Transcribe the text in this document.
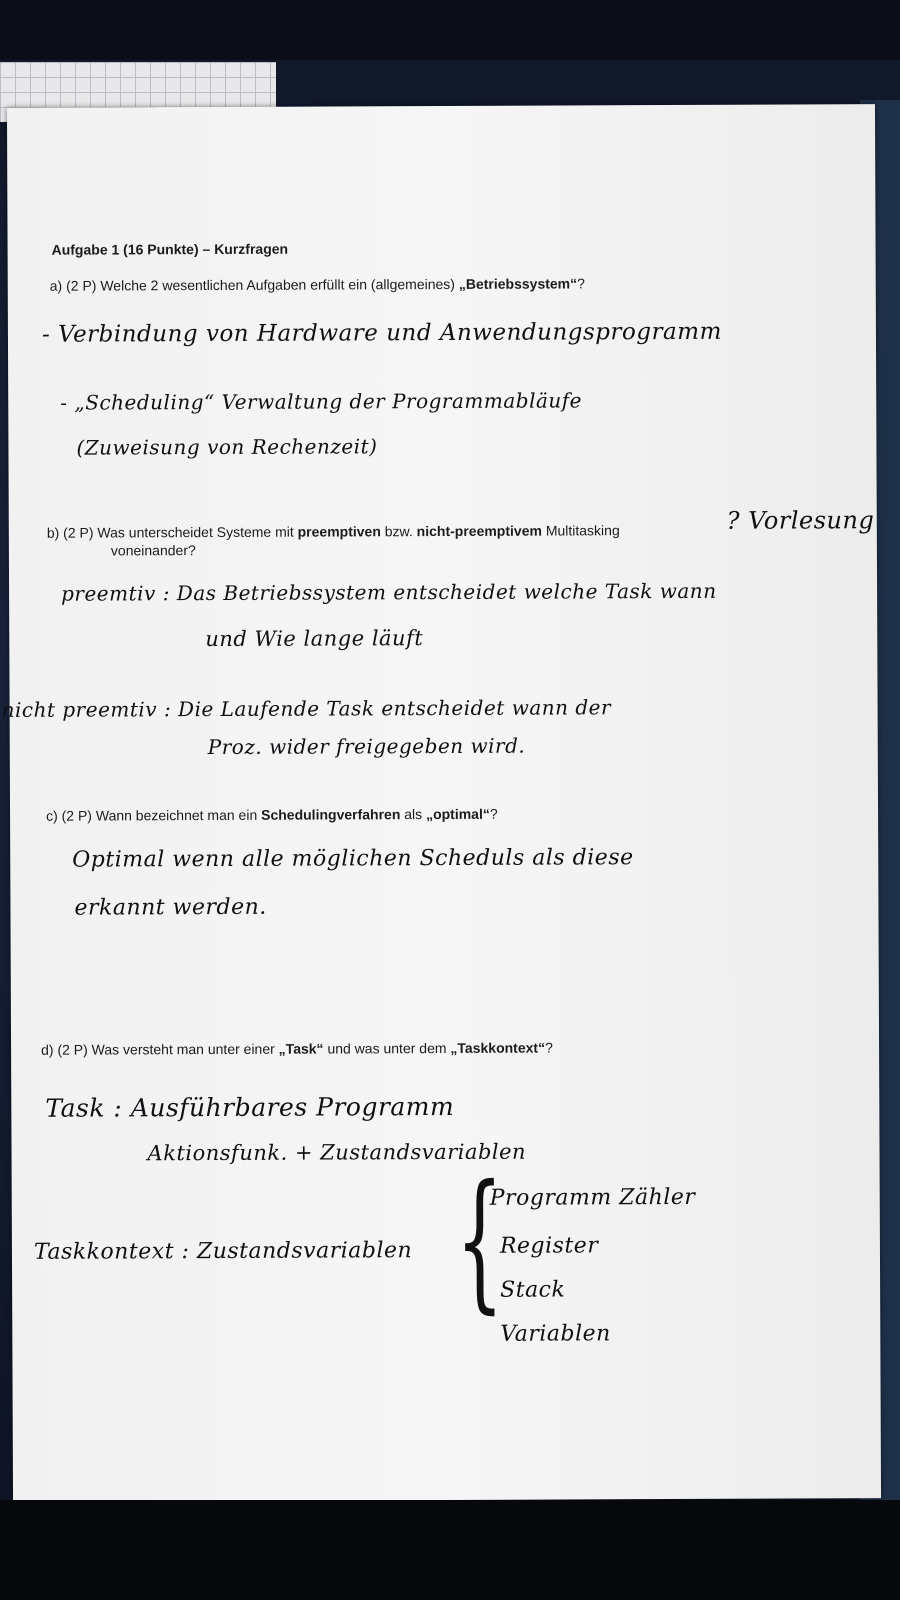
Aufgabe 1 (16 Punkte) – Kurzfragen
a) (2 P) Welche 2 wesentlichen Aufgaben erfüllt ein (allgemeines) „Betriebssystem“?
- Verbindung von Hardware und Anwendungsprogramm
- „Scheduling“ Verwaltung der Programmabläufe
(Zuweisung von Rechenzeit)
b) (2 P) Was unterscheidet Systeme mit preemptiven bzw. nicht-preemptivem Multitasking
voneinander?
? Vorlesung
preemtiv : Das Betriebssystem entscheidet welche Task wann
und Wie lange läuft
nicht preemtiv : Die Laufende Task entscheidet wann der
Proz. wider freigegeben wird.
c) (2 P) Wann bezeichnet man ein Schedulingverfahren als „optimal“?
Optimal wenn alle möglichen Scheduls als diese
erkannt werden.
d) (2 P) Was versteht man unter einer „Task“ und was unter dem „Taskkontext“?
Task : Ausführbares Programm
Aktionsfunk. + Zustandsvariablen
Taskkontext : Zustandsvariablen {
Programm Zähler
Register
Stack
Variablen
